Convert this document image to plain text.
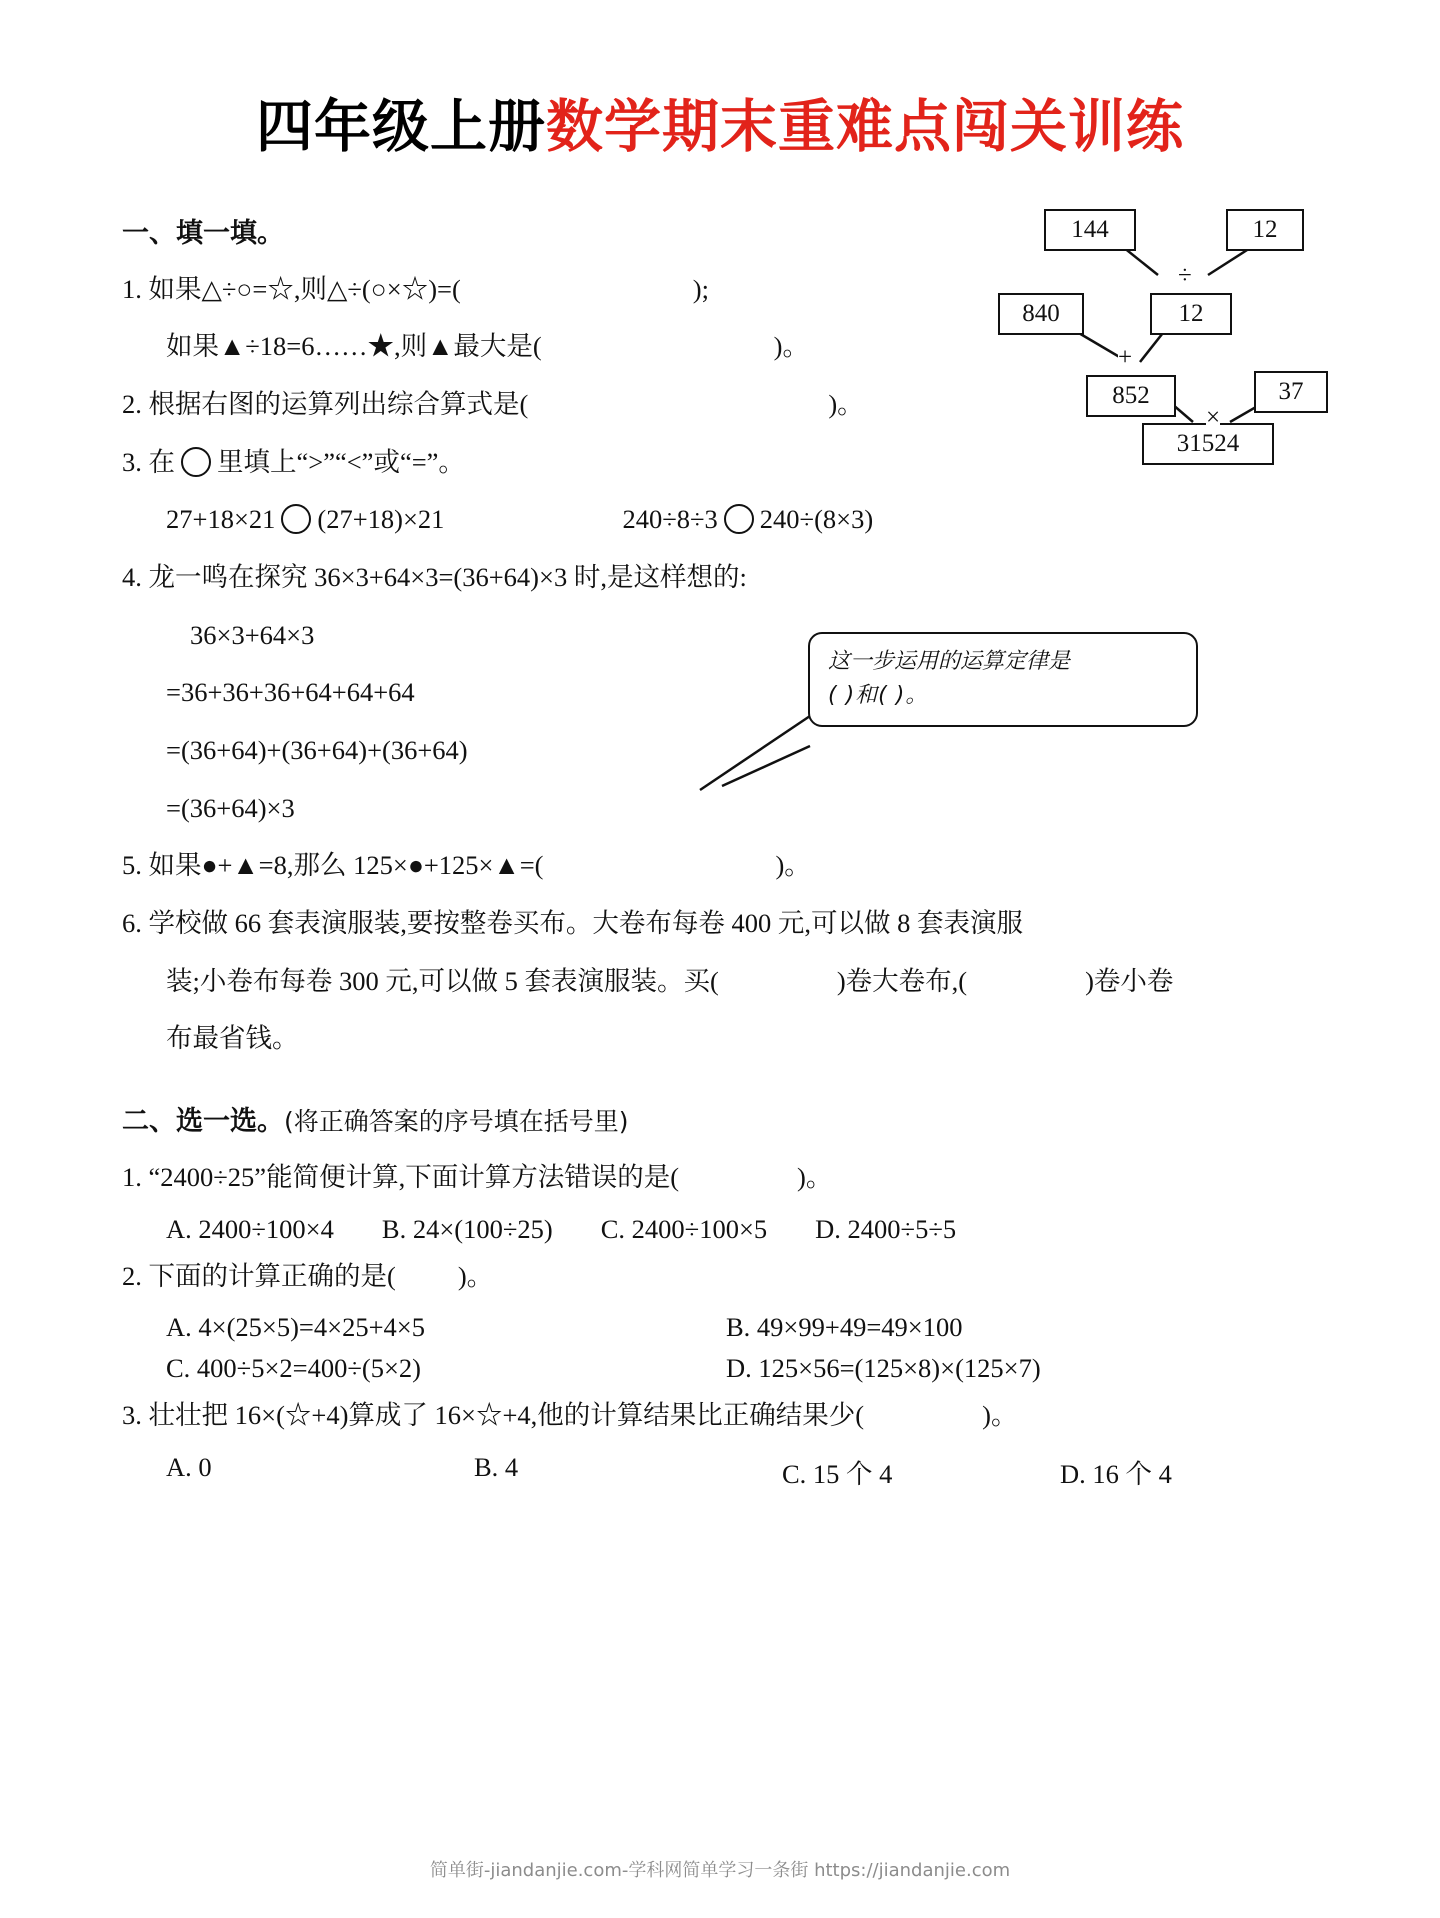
四年级上册数学期末重难点闯关训练
144	12
÷
840	12
+
852	37
×
31524
一、填一填。
1. 如果△÷○=☆,则△÷(○×☆)=(	);
如果▲÷18=6……★,则▲最大是(	)。
2. 根据右图的运算列出综合算式是(	)。
3. 在 里填上“>”“<”或“=”。
27+18×21 (27+18)×21	240÷8÷3 240÷(8×3)
4. 龙一鸣在探究 36×3+64×3=(36+64)×3 时,是这样想的:
36×3+64×3
=36+36+36+64+64+64
=(36+64)+(36+64)+(36+64)
=(36+64)×3
这一步运用的运算定律是
( )和( )。
5. 如果●+▲=8,那么 125×●+125×▲=(	)。
6. 学校做 66 套表演服装,要按整卷买布。大卷布每卷 400 元,可以做 8 套表演服
装;小卷布每卷 300 元,可以做 5 套表演服装。买(	)卷大卷布,(	)卷小卷
布最省钱。
二、选一选。(将正确答案的序号填在括号里)
1. “2400÷25”能简便计算,下面计算方法错误的是(	)。
A. 2400÷100×4 B. 24×(100÷25) C. 2400÷100×5 D. 2400÷5÷5
2. 下面的计算正确的是( )。
A. 4×(25×5)=4×25+4×5	B. 49×99+49=49×100
C. 400÷5×2=400÷(5×2)	D. 125×56=(125×8)×(125×7)
3. 壮壮把 16×(☆+4)算成了 16×☆+4,他的计算结果比正确结果少(	)。
A. 0	B. 4	C. 15 个 4	D. 16 个 4
简单街-jiandanjie.com-学科网简单学习一条街 https://jiandanjie.com
